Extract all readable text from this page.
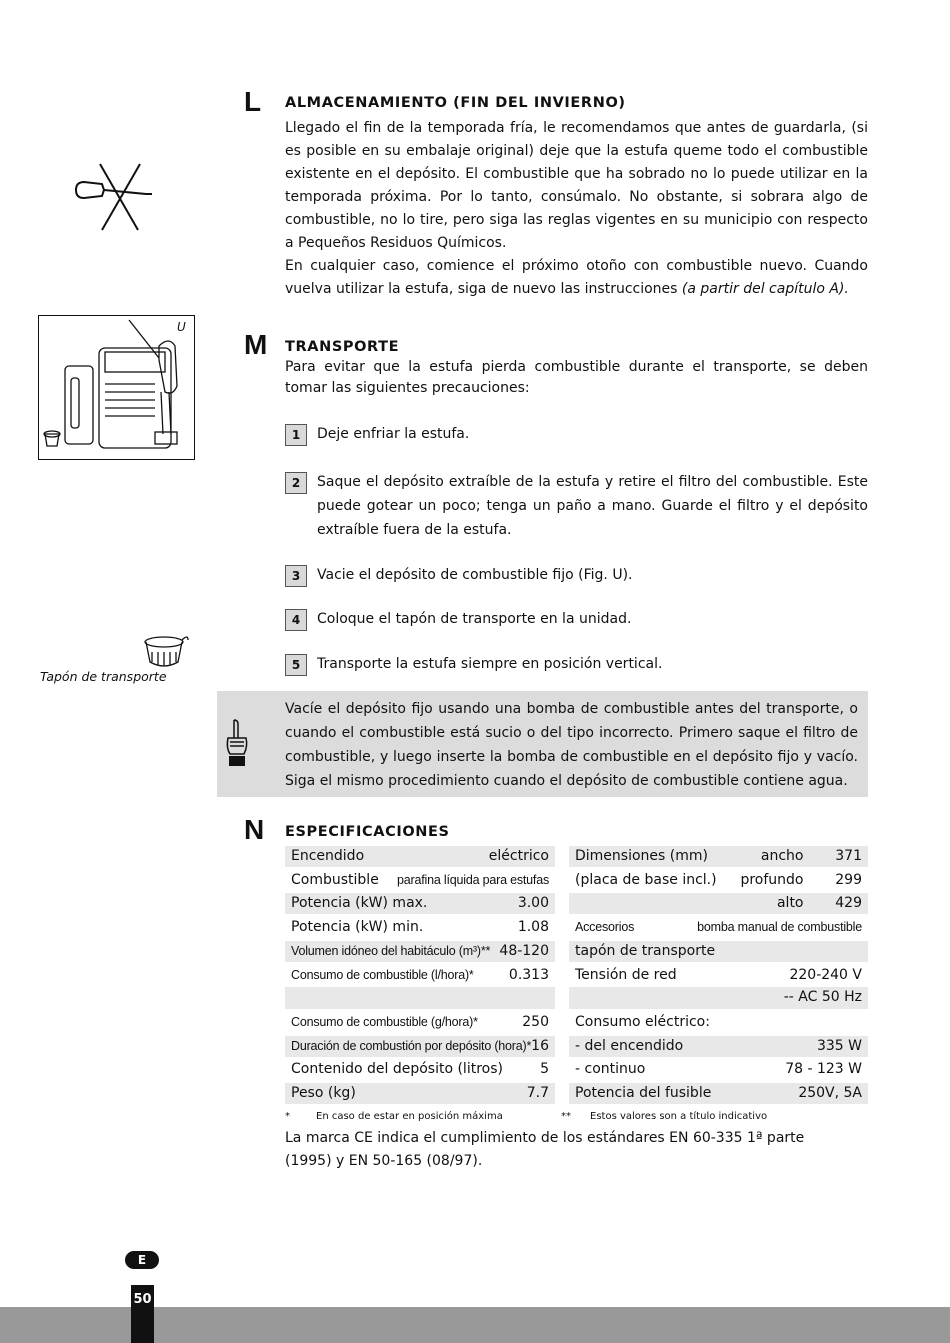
L ALMACENAMIENTO (FIN DEL INVIERNO)

Llegado el fin de la temporada fría, le recomendamos que antes de guardarla, (si es posible en su embalaje original) deje que la estufa queme todo el combustible existente en el depósito. El combustible que ha sobrado no lo puede utilizar en la temporada próxima. Por lo tanto, consúmalo. No obstante, si sobrara algo de combustible, no lo tire, pero siga las reglas vigentes en su municipio con respecto a Pequeños Residuos Químicos.

En cualquier caso, comience el próximo otoño con combustible nuevo. Cuando vuelva utilizar la estufa, siga de nuevo las instrucciones (a partir del capítulo A).

U
M TRANSPORTE
Para evitar que la estufa pierda combustible durante el transporte, se deben tomar las siguientes precauciones:
1	Deje enfriar la estufa.
2	Saque el depósito extraíble de la estufa y retire el filtro del combustible. Este puede gotear un poco; tenga un paño a mano. Guarde el filtro y el depósito extraíble fuera de la estufa.
3	Vacie el depósito de combustible fijo (Fig. U).
4	Coloque el tapón de transporte en la unidad.
5	Transporte la estufa siempre en posición vertical.
Tapón de transporte
Vacíe el depósito fijo usando una bomba de combustible antes del transporte, o cuando el combustible está sucio o del tipo incorrecto. Primero saque el filtro de combustible, y luego inserte la bomba de combustible en el depósito fijo y vacío. Siga el mismo procedimiento cuando el depósito de combustible contiene agua.
N ESPECIFICACIONES
Encendido	eléctrico
Combustible parafina líquida para estufas
Potencia (kW) max.	3.00
Potencia (kW) min.	1.08
Volumen idóneo del habitáculo (m³)** 48-120
Consumo de combustible (l/hora)*	0.313
Consumo de combustible (g/hora)*	250
Duración de combustión por depósito (hora)* 16
Contenido del depósito (litros)	5
Peso (kg)	7.7
Dimensiones (mm)	ancho	371
(placa de base incl.)	profundo	299
alto	429
Accesorios	bomba manual de combustible
tapón de transporte
Tensión de red	220-240 V
-- AC 50 Hz
Consumo eléctrico:
- del encendido	335 W
- continuo	78 - 123 W
Potencia del fusible	250V, 5A
*	En caso de estar en posición máxima	** Estos valores son a título indicativo
La marca CE indica el cumplimiento de los estándares EN 60-335 1ª parte (1995) y EN 50-165 (08/97).
E
50
